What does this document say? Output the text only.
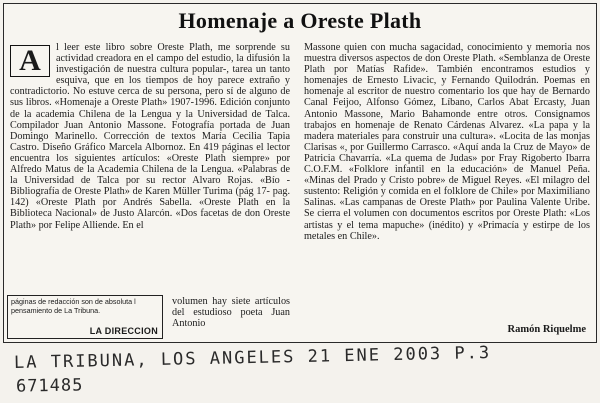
Homenaje a Oreste Plath
A	l leer este libro sobre Oreste Plath, me sorprende su actividad creadora en el campo del estudio, la difusión la investigación de nuestra cultura popular-, tarea un tanto esquiva, que en los tiempos de hoy parece extraño y contradictorio. No estuve cerca de su persona, pero sí de alguno de sus libros. «Homenaje a Oreste Plath» 1907-1996. Edición conjunto de la academia Chilena de la Lengua y la Universidad de Talca. Compilador Juan Antonio Massone. Fotografía portada de Juan Domingo Marinello. Corrección de textos María Cecilia Tapia Castro. Diseño Gráfico Marcela Albornoz. En 419 páginas el lector encuentra los siguientes artículos: «Oreste Plath siempre» por Alfredo Matus de la Academia Chilena de la Lengua. «Palabras de la Universidad de Talca por su rector Alvaro Rojas. «Bío - Bibliografía de Oreste Plath» de Karen Müller Turima (pág 17- pag. 142) «Oreste Plath por Andrés Sabella. «Oreste Plath en la Biblioteca Nacional» de Justo Alarcón. «Dos facetas de don Oreste Plath» por Felipe Alliende. En el

volumen hay siete artículos del estudioso poeta Juan Antonio

Massone quien con mucha sagacidad, conocimiento y memoria nos muestra diversos aspectos de don Oreste Plath. «Semblanza de Oreste Plath por Matías Rafide». También encontramos estudios y homenajes de Ernesto Livacic, y Fernando Quilodrán. Poemas en homenaje al escritor de nuestro comentario los que hay de Bernardo Canal Feijoo, Alfonso Gómez, Líbano, Carlos Abat Ercasty, Juan Antonio Massone, Mario Bahamonde entre otros. Consignamos trabajos en homenaje de Renato Cárdenas Alvarez. «La papa y la madera materiales para construir una cultura». «Locita de las monjas Clarisas «, por Guillermo Carrasco. «Aquí anda la Cruz de Mayo» de Patricia Chavarría. «La quema de Judas» por Fray Rigoberto Ibarra C.O.F.M. «Folklore infantil en la educación» de Manuel Peña. «Minas del Prado y Cristo pobre» de Miguel Reyes. «El milagro del sustento: Religión y comida en el folklore de Chile» por Maximiliano Salinas. «Las campanas de Oreste Plath» por Paulina Valente Uribe. Se cierra el volumen con documentos escritos por Oreste Plath: «Los artistas y el tema mapuche» (inédito) y «Primacía y estirpe de los metales en Chile».

Ramón Riquelme
páginas de redacción son de absoluta l pensamiento de La Tribuna.
LA DIRECCION
LA TRIBUNA, LOS ANGELES 21 ENE 2003 P.3
671485
